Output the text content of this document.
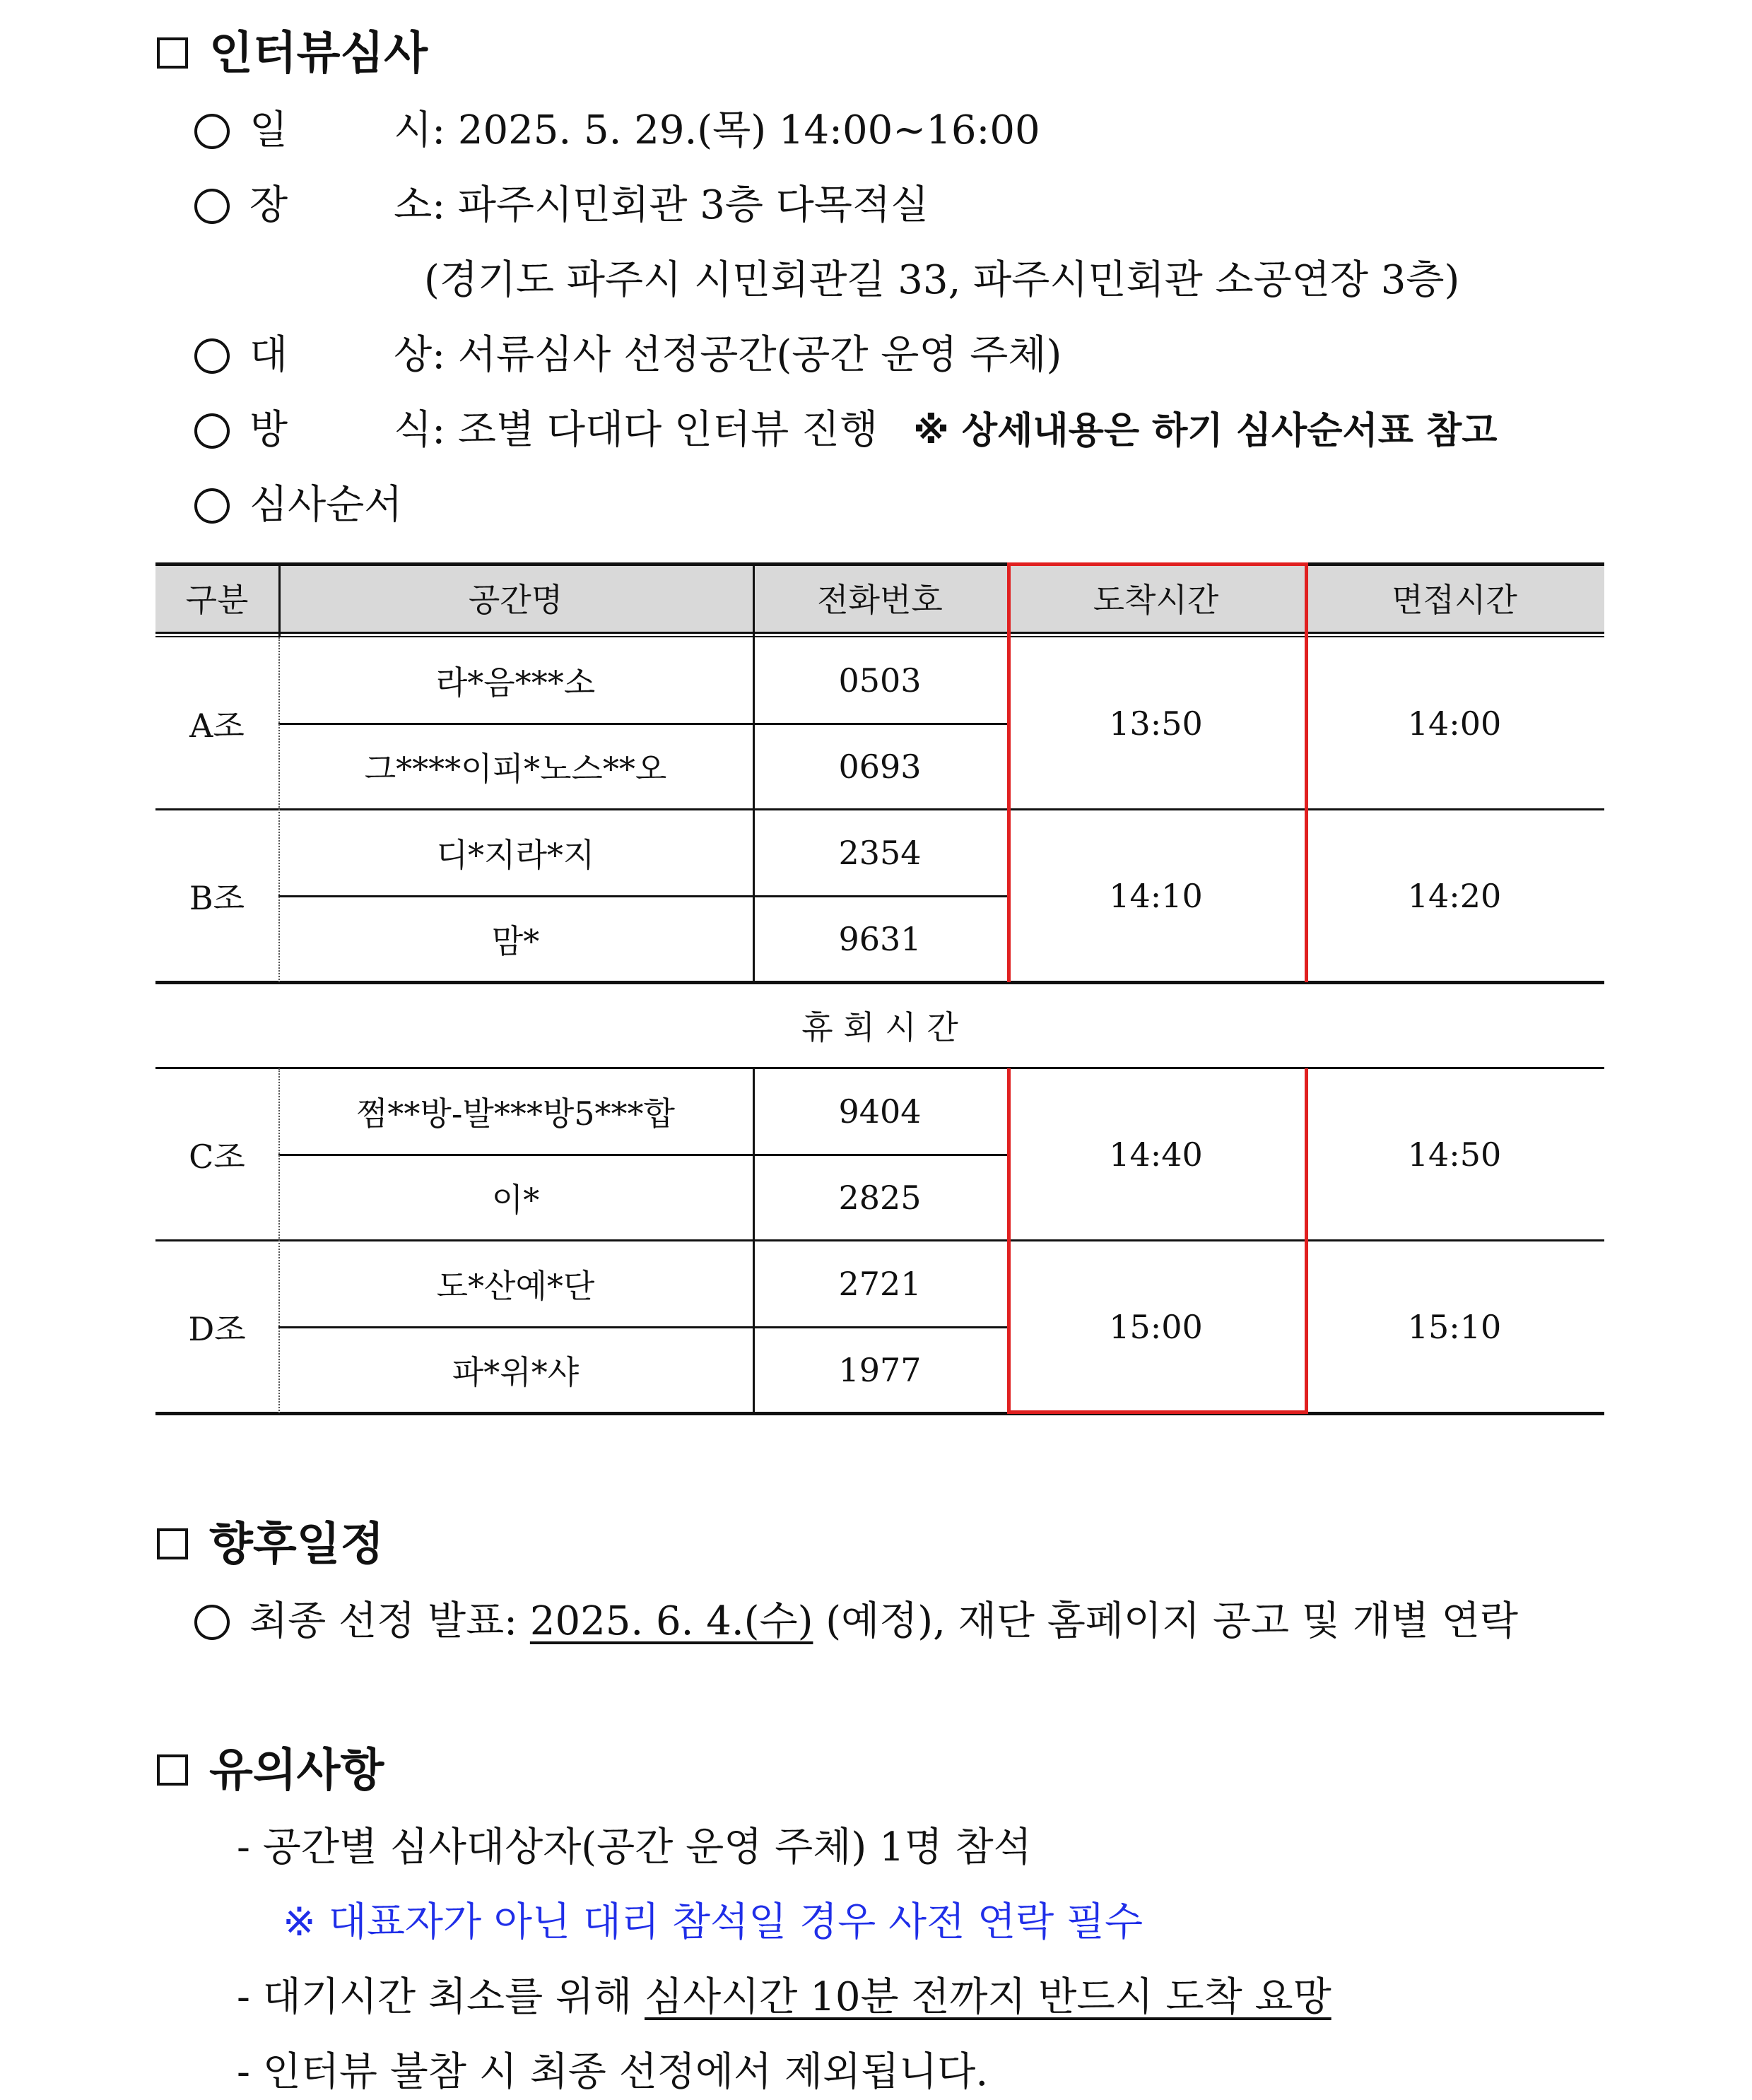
인터뷰심사
일	시: 2025. 5. 29.(목) 14:00~16:00
장	소: 파주시민회관 3층 다목적실
(경기도 파주시 시민회관길 33, 파주시민회관 소공연장 3층)
대	상: 서류심사 선정공간(공간 운영 주체)
방	식: 조별 다대다 인터뷰 진행 ※ 상세내용은 하기 심사순서표 참고
심사순서
구분	공간명	전화번호	도착시간	면접시간
A조
라*음***소	0503
그****이피*노스**오	0693
13:50	14:00
B조
디*지라*지	2354
맘*	9631
14:10	14:20
휴 회 시 간
C조
쩜**방-발***방5***합	9404
이*	2825
14:40	14:50
D조
도*산예*단	2721
파*위*샤	1977
15:00	15:10
향후일정
최종 선정 발표: 2025. 6. 4.(수) (예정), 재단 홈페이지 공고 및 개별 연락
유의사항
- 공간별 심사대상자(공간 운영 주체) 1명 참석
※ 대표자가 아닌 대리 참석일 경우 사전 연락 필수
- 대기시간 최소를 위해 심사시간 10분 전까지 반드시 도착 요망
- 인터뷰 불참 시 최종 선정에서 제외됩니다.
